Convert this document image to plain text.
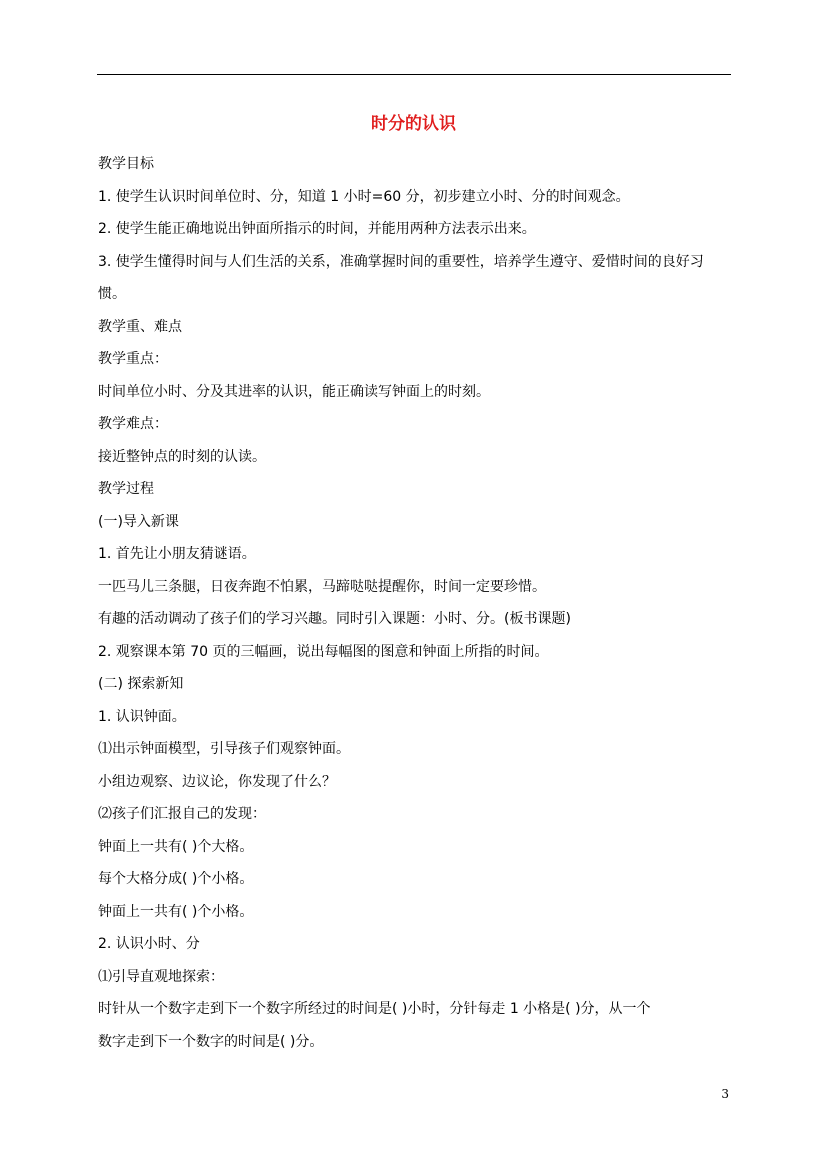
时分的认识
教学目标
1. 使学生认识时间单位时、分，知道 1 小时=60 分，初步建立小时、分的时间观念。
2. 使学生能正确地说出钟面所指示的时间，并能用两种方法表示出来。
3. 使学生懂得时间与人们生活的关系，准确掌握时间的重要性，培养学生遵守、爱惜时间的良好习
惯。
教学重、难点
教学重点：
时间单位小时、分及其进率的认识，能正确读写钟面上的时刻。
教学难点：
接近整钟点的时刻的认读。
教学过程
(一)导入新课
1. 首先让小朋友猜谜语。
一匹马儿三条腿，日夜奔跑不怕累，马蹄哒哒提醒你，时间一定要珍惜。
有趣的活动调动了孩子们的学习兴趣。同时引入课题：小时、分。(板书课题)
2. 观察课本第 70 页的三幅画，说出每幅图的图意和钟面上所指的时间。
(二) 探索新知
1. 认识钟面。
⑴出示钟面模型，引导孩子们观察钟面。
小组边观察、边议论，你发现了什么？
⑵孩子们汇报自己的发现：
钟面上一共有( )个大格。
每个大格分成( )个小格。
钟面上一共有( )个小格。
2. 认识小时、分
⑴引导直观地探索：
时针从一个数字走到下一个数字所经过的时间是( )小时，分针每走 1 小格是( )分，从一个
数字走到下一个数字的时间是( )分。
3
